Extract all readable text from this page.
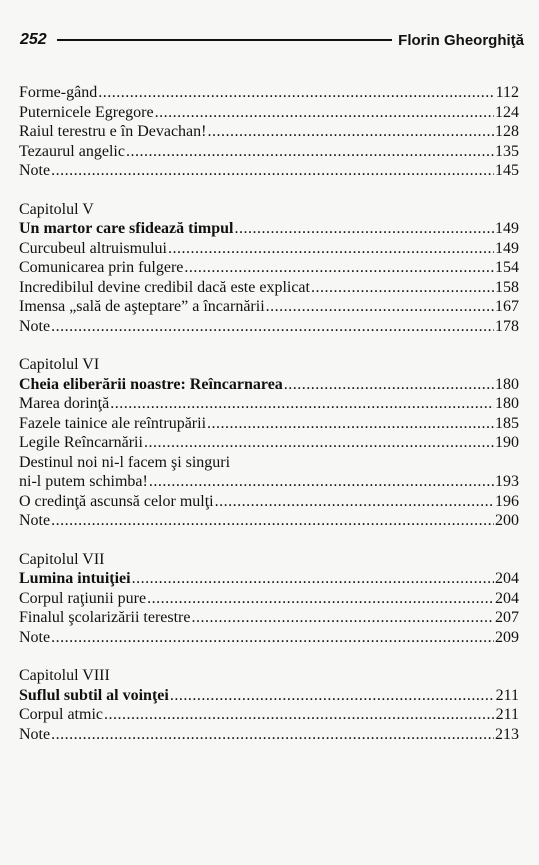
252	Florin Gheorghiţă
Forme-gând .....	112
Puternicele Egregore .....	124
Raiul terestru e în Devachan! .....	128
Tezaurul angelic .....	135
Note .....	145
Capitolul V
Un martor care sfidează timpul .....	149
Curcubeul altruismului .....	149
Comunicarea prin fulgere .....	154
Incredibilul devine credibil dacă este explicat .....	158
Imensa „sală de aşteptare” a încarnării .....	167
Note .....	178
Capitolul VI
Cheia eliberării noastre: Reîncarnarea .....	180
Marea dorinţă .....	180
Fazele tainice ale reîntrupării .....	185
Legile Reîncarnării .....	190
Destinul noi ni-l facem şi singuri
ni-l putem schimba! .....	193
O credinţă ascunsă celor mulţi .....	196
Note .....	200
Capitolul VII
Lumina intuiţiei .....	204
Corpul raţiunii pure .....	204
Finalul şcolarizării terestre .....	207
Note .....	209
Capitolul VIII
Suflul subtil al voinţei .....	211
Corpul atmic .....	211
Note .....	213
